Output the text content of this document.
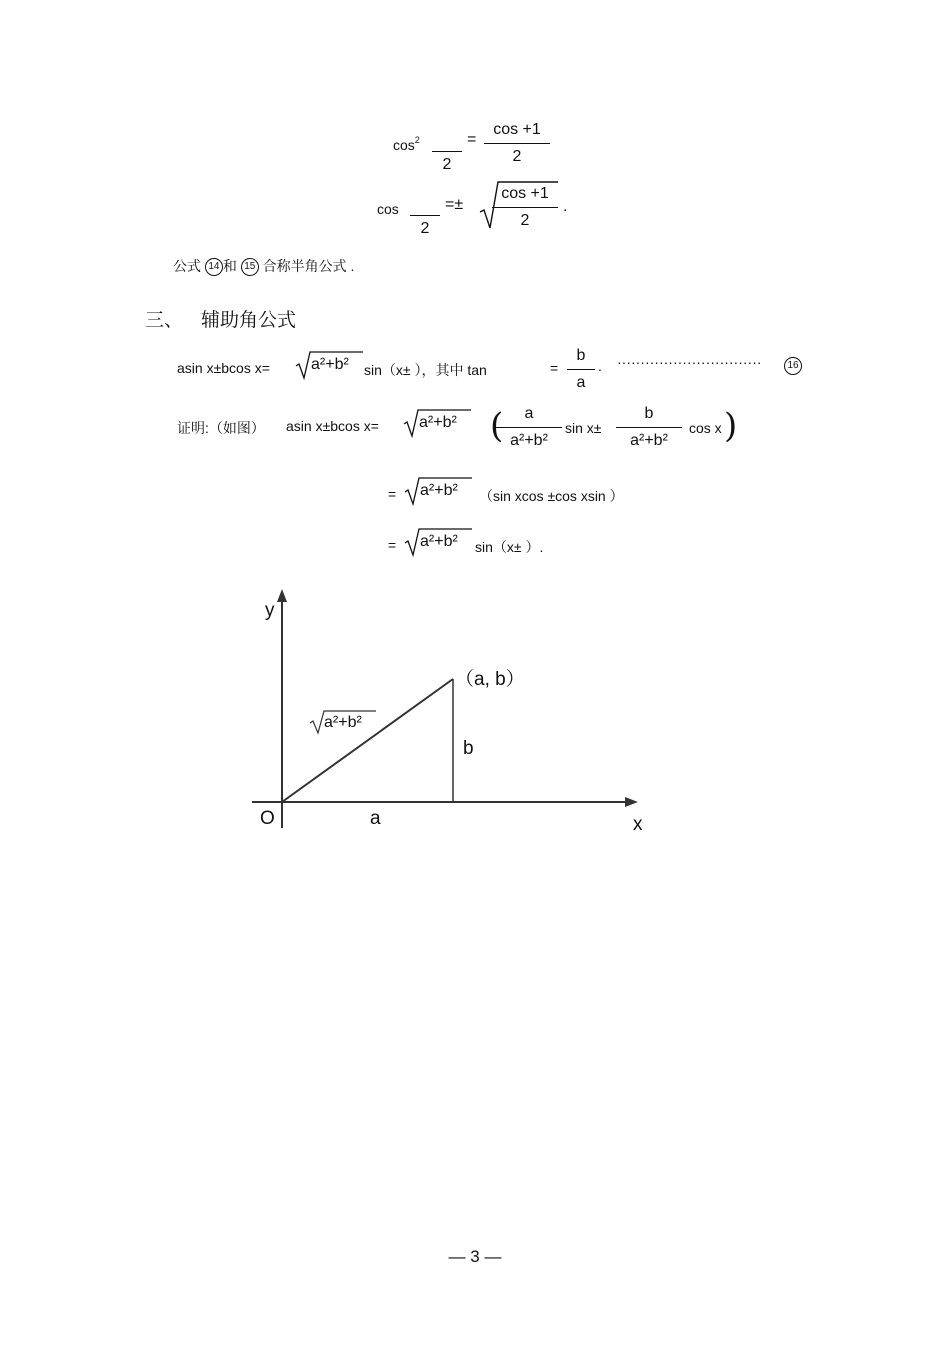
$\cos^2$

2
=
cos +1
2
cos

2
=±
cos +1
2
.
公式 14 和 15 合称半角公式 .
三、 辅助角公式
asin x±bcos x=	a²+b² sin（x± ），其中 tan	=
b
a
. ·······························	16
证明:（如图） asin x±bcos x=	a²+b² ( a
a²+b²
sin x±
b
a²+b²
cos x )
= a²+b² （sin xcos ±cos xsin ）
= a²+b² sin（x± ）.
y
x
O
（a, b）
a
b
a²+b²
— 3 —
